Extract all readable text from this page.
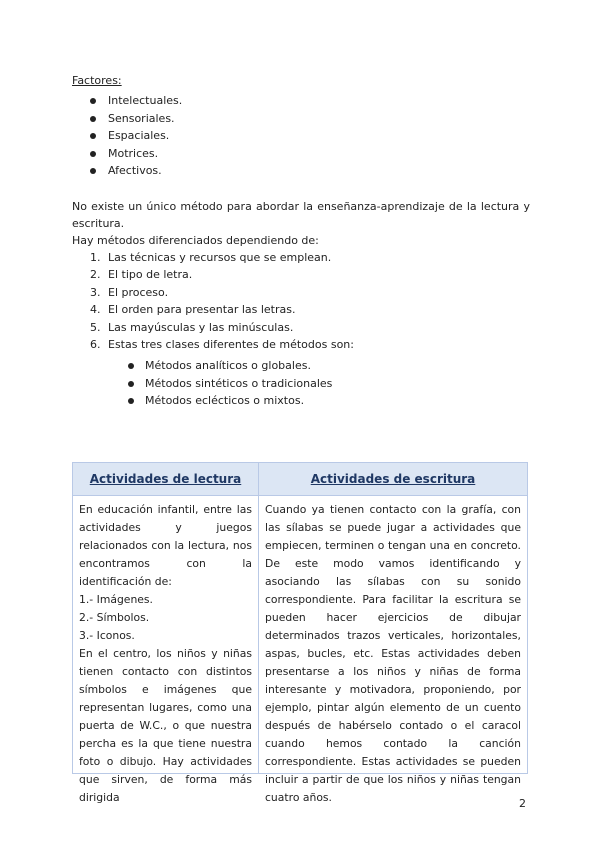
Factores:
Intelectuales.
Sensoriales.
Espaciales.
Motrices.
Afectivos.
No existe un único método para abordar la enseñanza-aprendizaje de la lectura y escritura.
Hay métodos diferenciados dependiendo de:
1. Las técnicas y recursos que se emplean.
2. El tipo de letra.
3. El proceso.
4. El orden para presentar las letras.
5. Las mayúsculas y las minúsculas.
6. Estas tres clases diferentes de métodos son:
Métodos analíticos o globales.
Métodos sintéticos o tradicionales
Métodos eclécticos o mixtos.
Actividades de lectura	Actividades de escritura

En educación infantil, entre las actividades y juegos relacionados con la lectura, nos encontramos con la identificación de:

1.- Imágenes.

2.- Símbolos.

3.- Iconos.

En el centro, los niños y niñas tienen contacto con distintos símbolos e imágenes que representan lugares, como una puerta de W.C., o que nuestra percha es la que tiene nuestra foto o dibujo. Hay actividades que sirven, de forma más dirigida

Cuando ya tienen contacto con la grafía, con las sílabas se puede jugar a actividades que empiecen, terminen o tengan una en concreto. De este modo vamos identificando y asociando las sílabas con su sonido correspondiente. Para facilitar la escritura se pueden hacer ejercicios de dibujar determinados trazos verticales, horizontales, aspas, bucles, etc. Estas actividades deben presentarse a los niños y niñas de forma interesante y motivadora, proponiendo, por ejemplo, pintar algún elemento de un cuento después de habérselo contado o el caracol cuando hemos contado la canción correspondiente. Estas actividades se pueden incluir a partir de que los niños y niñas tengan cuatro años.	2
